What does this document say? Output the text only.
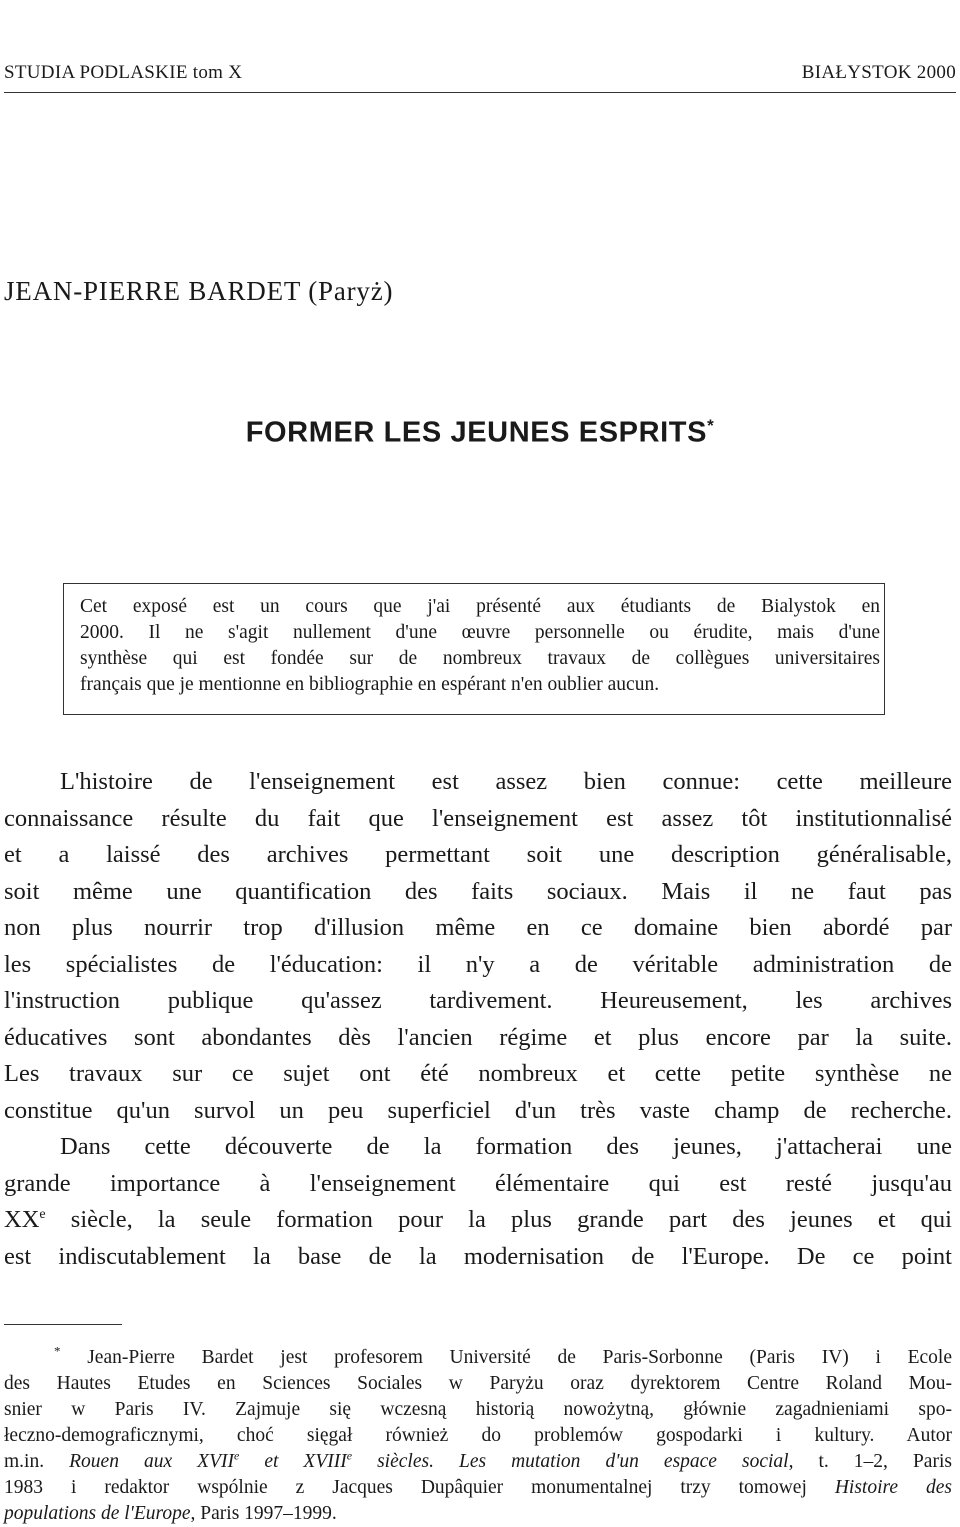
STUDIA PODLASKIE tom X	BIAŁYSTOK 2000
JEAN-PIERRE BARDET (Paryż)
FORMER LES JEUNES ESPRITS*
Cet exposé est un cours que j'ai présenté aux étudiants de Bialystok en
2000. Il ne s'agit nullement d'une œuvre personnelle ou érudite, mais d'une
synthèse qui est fondée sur de nombreux travaux de collègues universitaires
français que je mentionne en bibliographie en espérant n'en oublier aucun.
L'histoire de l'enseignement est assez bien connue: cette meilleure
connaissance résulte du fait que l'enseignement est assez tôt institutionnalisé
et a laissé des archives permettant soit une description généralisable,
soit même une quantification des faits sociaux. Mais il ne faut pas
non plus nourrir trop d'illusion même en ce domaine bien abordé par
les spécialistes de l'éducation: il n'y a de véritable administration de
l'instruction publique qu'assez tardivement. Heureusement, les archives
éducatives sont abondantes dès l'ancien régime et plus encore par la suite.
Les travaux sur ce sujet ont été nombreux et cette petite synthèse ne
constitue qu'un survol un peu superficiel d'un très vaste champ de recherche.
Dans cette découverte de la formation des jeunes, j'attacherai une
grande importance à l'enseignement élémentaire qui est resté jusqu'au
XXe siècle, la seule formation pour la plus grande part des jeunes et qui
est indiscutablement la base de la modernisation de l'Europe. De ce point
* Jean-Pierre Bardet jest profesorem Université de Paris-Sorbonne (Paris IV) i Ecole
des Hautes Etudes en Sciences Sociales w Paryżu oraz dyrektorem Centre Roland Mou-
snier w Paris IV. Zajmuje się wczesną historią nowożytną, głównie zagadnieniami spo-
łeczno-demograficznymi, choć sięgał również do problemów gospodarki i kultury. Autor
m.in. Rouen aux XVIIe et XVIIIe siècles. Les mutation d'un espace social, t. 1–2, Paris
1983 i redaktor wspólnie z Jacques Dupâquier monumentalnej trzy tomowej Histoire des
populations de l'Europe, Paris 1997–1999.
